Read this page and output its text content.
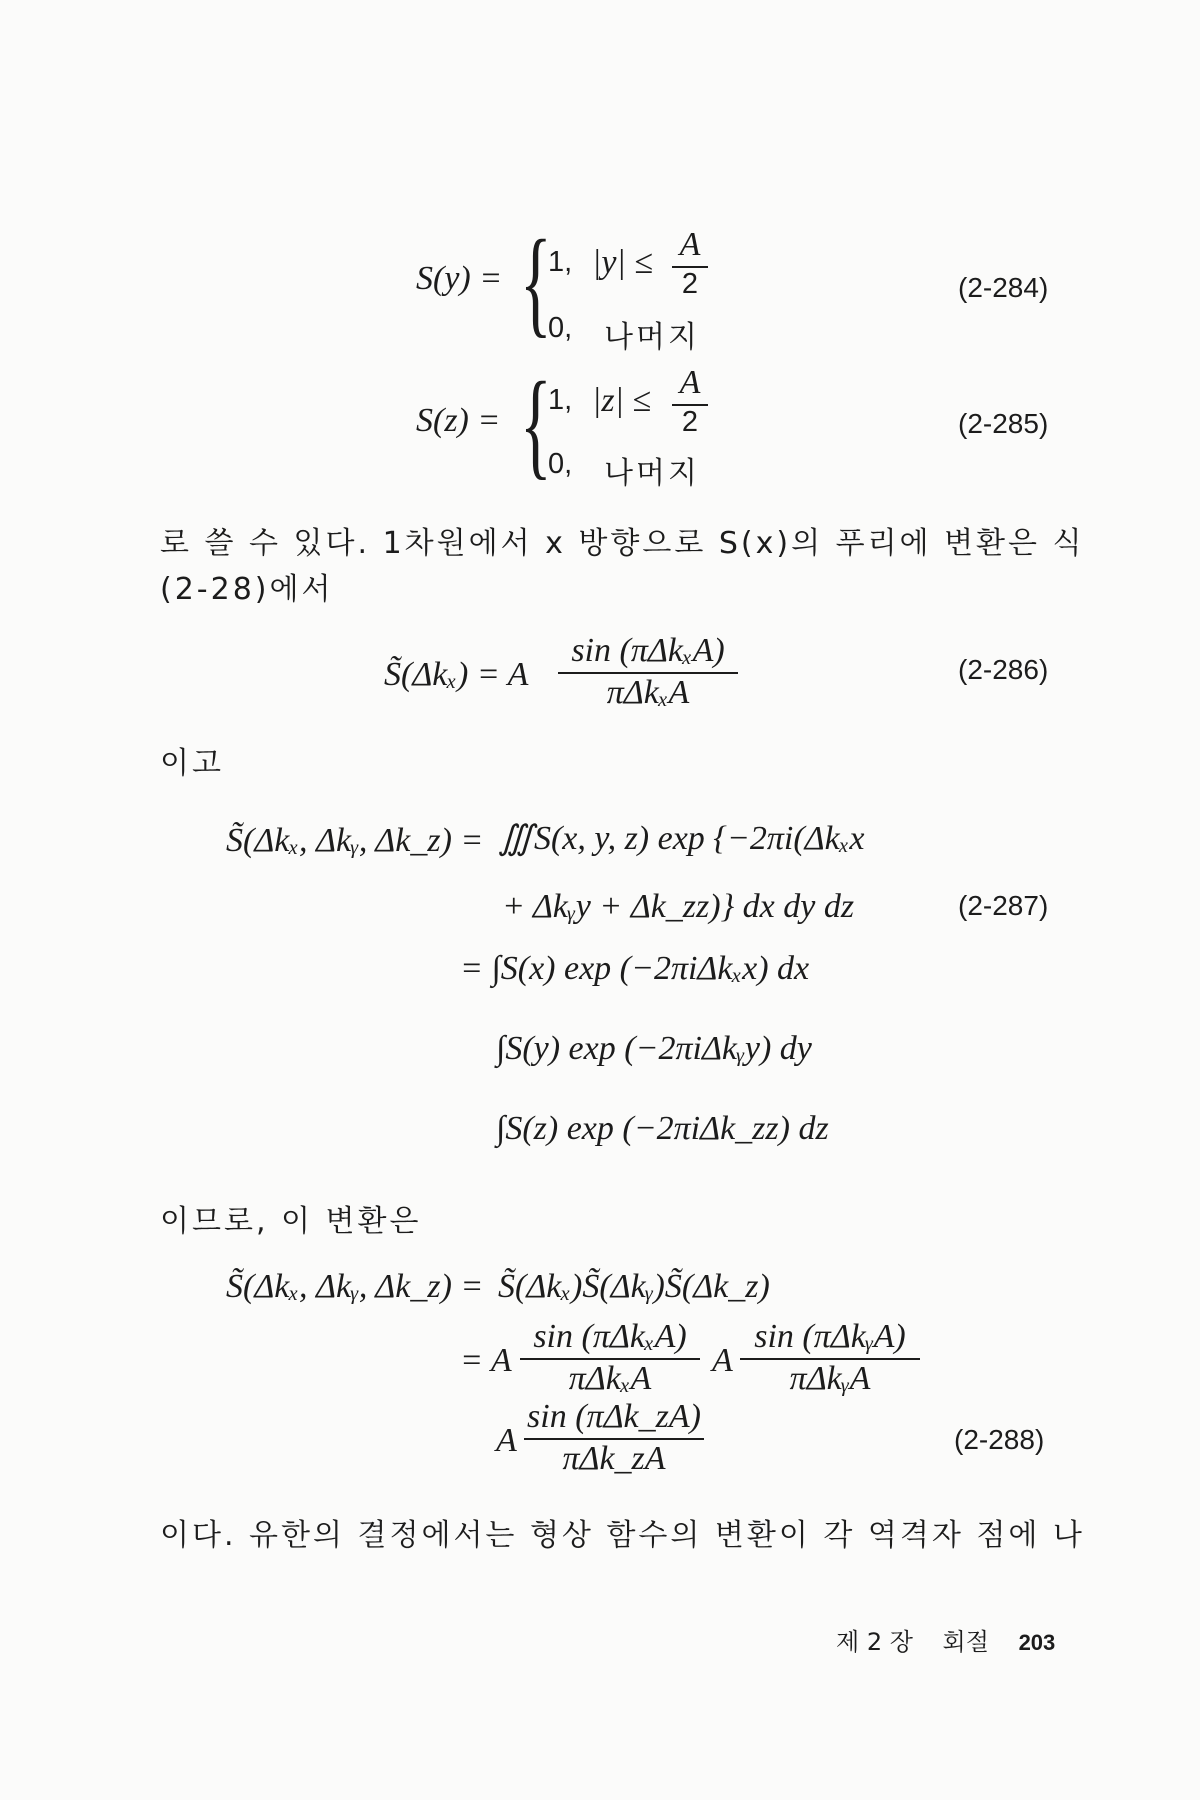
S(y) = {
1, |y| ≤ A
2
0, 나머지
(2-284)
S(z) = {
1, |z| ≤ A
2
0, 나머지
(2-285)
로 쓸 수 있다. 1차원에서 x 방향으로 S(x)의 푸리에 변환은 식
(2-28)에서
S̃(Δkₓ) = A
sin (πΔkₓA)
πΔkₓA
(2-286)
이고
S̃(Δkₓ, Δkᵧ, Δk_z) = ∭S(x, y, z) exp {−2πi(Δkₓx
+ Δkᵧy + Δk_zz)} dx dy dz	(2-287)
= ∫S(x) exp (−2πiΔkₓx) dx
∫S(y) exp (−2πiΔkᵧy) dy
∫S(z) exp (−2πiΔk_zz) dz
이므로, 이 변환은
S̃(Δkₓ, Δkᵧ, Δk_z) = S̃(Δkₓ)S̃(Δkᵧ)S̃(Δk_z)
= A
sin (πΔkₓA)
πΔkₓA	A
sin (πΔkᵧA)
πΔkᵧA
A
sin (πΔk_zA)
πΔk_zA
(2-288)
이다. 유한의 결정에서는 형상 함수의 변환이 각 역격자 점에 나
제 2 장 회절 203
